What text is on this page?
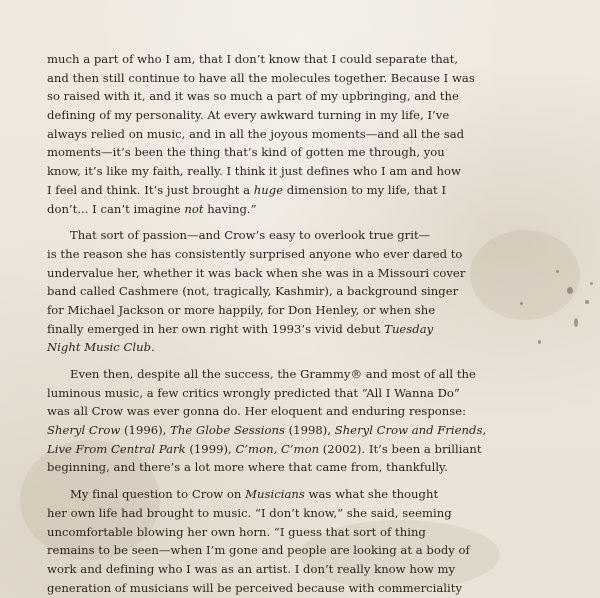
much a part of who I am, that I don’t know that I could separate that,
and then still continue to have all the molecules together. Because I was
so raised with it, and it was so much a part of my upbringing, and the
defining of my personality. At every awkward turning in my life, I’ve
always relied on music, and in all the joyous moments—and all the sad
moments—it’s been the thing that’s kind of gotten me through, you
know, it’s like my faith, really. I think it just defines who I am and how
I feel and think. It’s just brought a huge dimension to my life, that I
don’t... I can’t imagine not having.”
That sort of passion—and Crow’s easy to overlook true grit—
is the reason she has consistently surprised anyone who ever dared to
undervalue her, whether it was back when she was in a Missouri cover
band called Cashmere (not, tragically, Kashmir), a background singer
for Michael Jackson or more happily, for Don Henley, or when she
finally emerged in her own right with 1993’s vivid debut Tuesday
Night Music Club.
Even then, despite all the success, the Grammy® and most of all the
luminous music, a few critics wrongly predicted that “All I Wanna Do”
was all Crow was ever gonna do. Her eloquent and enduring response:
Sheryl Crow (1996), The Globe Sessions (1998), Sheryl Crow and Friends,
Live From Central Park (1999), C’mon, C’mon (2002). It’s been a brilliant
beginning, and there’s a lot more where that came from, thankfully.
My final question to Crow on Musicians was what she thought
her own life had brought to music. “I don’t know,” she said, seeming
uncomfortable blowing her own horn. “I guess that sort of thing
remains to be seen—when I’m gone and people are looking at a body of
work and defining who I was as an artist. I don’t really know how my
generation of musicians will be perceived because with commerciality
